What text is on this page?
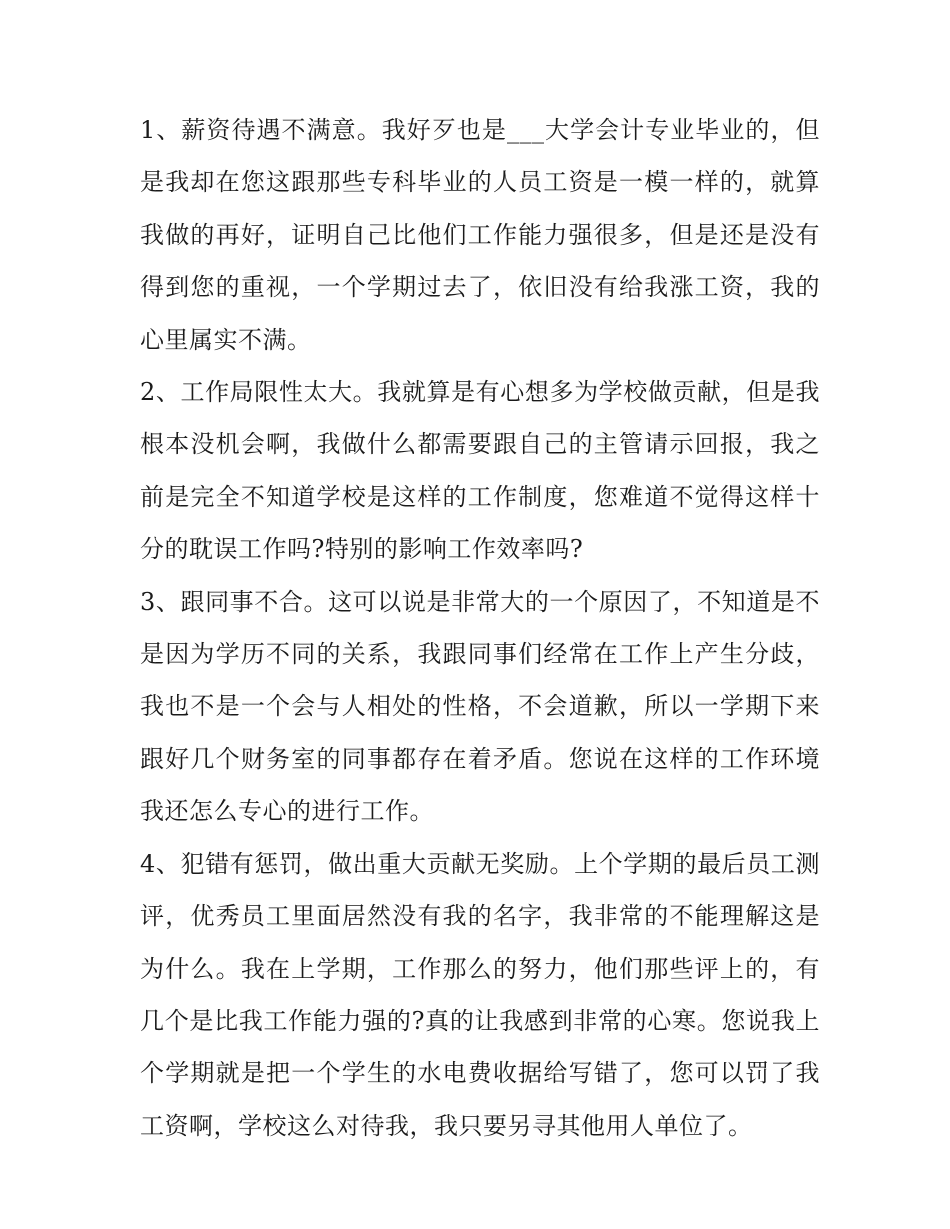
1、薪资待遇不满意。我好歹也是___大学会计专业毕业的，但是我却在您这跟那些专科毕业的人员工资是一模一样的，就算我做的再好，证明自己比他们工作能力强很多，但是还是没有得到您的重视，一个学期过去了，依旧没有给我涨工资，我的心里属实不满。

2、工作局限性太大。我就算是有心想多为学校做贡献，但是我根本没机会啊，我做什么都需要跟自己的主管请示回报，我之前是完全不知道学校是这样的工作制度，您难道不觉得这样十分的耽误工作吗?特别的影响工作效率吗?

3、跟同事不合。这可以说是非常大的一个原因了，不知道是不是因为学历不同的关系，我跟同事们经常在工作上产生分歧，我也不是一个会与人相处的性格，不会道歉，所以一学期下来跟好几个财务室的同事都存在着矛盾。您说在这样的工作环境我还怎么专心的进行工作。

4、犯错有惩罚，做出重大贡献无奖励。上个学期的最后员工测评，优秀员工里面居然没有我的名字，我非常的不能理解这是为什么。我在上学期，工作那么的努力，他们那些评上的，有几个是比我工作能力强的?真的让我感到非常的心寒。您说我上个学期就是把一个学生的水电费收据给写错了，您可以罚了我工资啊，学校这么对待我，我只要另寻其他用人单位了。
